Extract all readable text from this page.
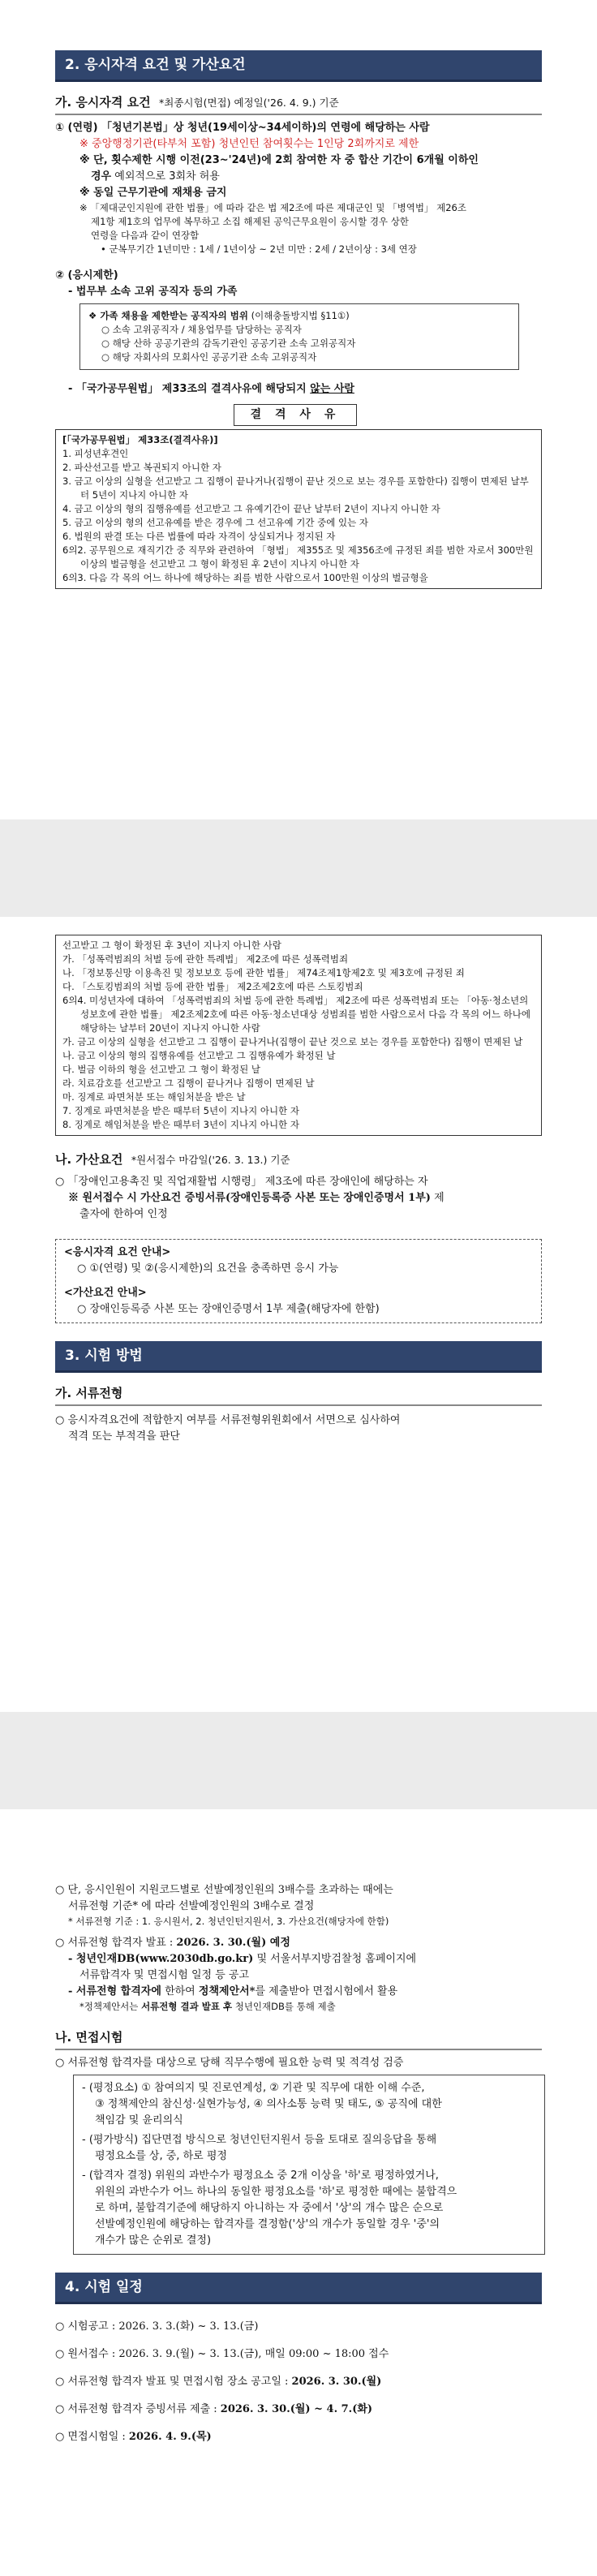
2. 응시자격 요건 및 가산요건
가. 응시자격 요건 *최종시험(면접) 예정일('26. 4. 9.) 기준
① (연령) 「청년기본법」상 청년(19세이상~34세이하)의 연령에 해당하는 사람
※ 중앙행정기관(타부처 포함) 청년인턴 참여횟수는 1인당 2회까지로 제한
※ 단, 횟수제한 시행 이전(23~'24년)에 2회 참여한 자 중 합산 기간이 6개월 이하인
경우 예외적으로 3회차 허용
※ 동일 근무기관에 재채용 금지
※ 「제대군인지원에 관한 법률」에 따라 같은 법 제2조에 따른 제대군인 및 「병역법」 제26조
제1항 제1호의 업무에 복무하고 소집 해제된 공익근무요원이 응시할 경우 상한
연령을 다음과 같이 연장함
• 군복무기간 1년미만 : 1세 / 1년이상 ~ 2년 미만 : 2세 / 2년이상 : 3세 연장
② (응시제한)
- 법무부 소속 고위 공직자 등의 가족
❖ 가족 채용을 제한받는 공직자의 범위 (이해충돌방지법 §11①)
○ 소속 고위공직자 / 채용업무를 담당하는 공직자
○ 해당 산하 공공기관의 감독기관인 공공기관 소속 고위공직자
○ 해당 자회사의 모회사인 공공기관 소속 고위공직자
- 「국가공무원법」 제33조의 결격사유에 해당되지 않는 사람
결 격 사 유
[「국가공무원법」 제33조(결격사유)]
1. 피성년후견인
2. 파산선고를 받고 복권되지 아니한 자
3. 금고 이상의 실형을 선고받고 그 집행이 끝나거나(집행이 끝난 것으로 보는 경우를 포함한다) 집행이 면제된 날부터 5년이 지나지 아니한 자
4. 금고 이상의 형의 집행유예를 선고받고 그 유예기간이 끝난 날부터 2년이 지나지 아니한 자
5. 금고 이상의 형의 선고유예를 받은 경우에 그 선고유예 기간 중에 있는 자
6. 법원의 판결 또는 다른 법률에 따라 자격이 상실되거나 정지된 자
6의2. 공무원으로 재직기간 중 직무와 관련하여 「형법」 제355조 및 제356조에 규정된 죄를 범한 자로서 300만원 이상의 벌금형을 선고받고 그 형이 확정된 후 2년이 지나지 아니한 자
6의3. 다음 각 목의 어느 하나에 해당하는 죄를 범한 사람으로서 100만원 이상의 벌금형을
선고받고 그 형이 확정된 후 3년이 지나지 아니한 사람
가. 「성폭력범죄의 처벌 등에 관한 특례법」 제2조에 따른 성폭력범죄
나. 「정보통신망 이용촉진 및 정보보호 등에 관한 법률」 제74조제1항제2호 및 제3호에 규정된 죄
다. 「스토킹범죄의 처벌 등에 관한 법률」 제2조제2호에 따른 스토킹범죄
6의4. 미성년자에 대하여 「성폭력범죄의 처벌 등에 관한 특례법」 제2조에 따른 성폭력범죄 또는 「아동·청소년의 성보호에 관한 법률」 제2조제2호에 따른 아동·청소년대상 성범죄를 범한 사람으로서 다음 각 목의 어느 하나에 해당하는 날부터 20년이 지나지 아니한 사람
가. 금고 이상의 실형을 선고받고 그 집행이 끝나거나(집행이 끝난 것으로 보는 경우를 포함한다) 집행이 면제된 날
나. 금고 이상의 형의 집행유예를 선고받고 그 집행유예가 확정된 날
다. 벌금 이하의 형을 선고받고 그 형이 확정된 날
라. 치료감호를 선고받고 그 집행이 끝나거나 집행이 면제된 날
마. 징계로 파면처분 또는 해임처분을 받은 날
7. 징계로 파면처분을 받은 때부터 5년이 지나지 아니한 자
8. 징계로 해임처분을 받은 때부터 3년이 지나지 아니한 자
나. 가산요건 *원서접수 마감일('26. 3. 13.) 기준
○ 「장애인고용촉진 및 직업재활법 시행령」 제3조에 따른 장애인에 해당하는 자
※ 원서접수 시 가산요건 증빙서류(장애인등록증 사본 또는 장애인증명서 1부) 제
출자에 한하여 인정
<응시자격 요건 안내>
○ ①(연령) 및 ②(응시제한)의 요건을 충족하면 응시 가능
<가산요건 안내>
○ 장애인등록증 사본 또는 장애인증명서 1부 제출(해당자에 한함)
3. 시험 방법
가. 서류전형
○ 응시자격요건에 적합한지 여부를 서류전형위원회에서 서면으로 심사하여
적격 또는 부적격을 판단
○ 단, 응시인원이 지원코드별로 선발예정인원의 3배수를 초과하는 때에는
서류전형 기준* 에 따라 선발예정인원의 3배수로 결정
* 서류전형 기준 : 1. 응시원서, 2. 청년인턴지원서, 3. 가산요건(해당자에 한함)
○ 서류전형 합격자 발표 : 2026. 3. 30.(월) 예정
- 청년인재DB(www.2030db.go.kr) 및 서울서부지방검찰청 홈페이지에
서류합격자 및 면접시험 일정 등 공고
- 서류전형 합격자에 한하여 정책제안서*를 제출받아 면접시험에서 활용
*정책제안서는 서류전형 결과 발표 후 청년인재DB를 통해 제출
나. 면접시험
○ 서류전형 합격자를 대상으로 당해 직무수행에 필요한 능력 및 적격성 검증
- (평정요소) ① 참여의지 및 진로연계성, ② 기관 및 직무에 대한 이해 수준,
③ 정책제안의 참신성·실현가능성, ④ 의사소통 능력 및 태도, ⑤ 공직에 대한
책임감 및 윤리의식
- (평가방식) 집단면접 방식으로 청년인턴지원서 등을 토대로 질의응답을 통해
평정요소를 상, 중, 하로 평정
- (합격자 결정) 위원의 과반수가 평정요소 중 2개 이상을 '하'로 평정하였거나,
위원의 과반수가 어느 하나의 동일한 평정요소를 '하'로 평정한 때에는 불합격으
로 하며, 불합격기준에 해당하지 아니하는 자 중에서 '상'의 개수 많은 순으로
선발예정인원에 해당하는 합격자를 결정함('상'의 개수가 동일할 경우 '중'의
개수가 많은 순위로 결정)
4. 시험 일정
○ 시험공고 : 2026. 3. 3.(화) ~ 3. 13.(금)
○ 원서접수 : 2026. 3. 9.(월) ~ 3. 13.(금), 매일 09:00 ~ 18:00 접수
○ 서류전형 합격자 발표 및 면접시험 장소 공고일 : 2026. 3. 30.(월)
○ 서류전형 합격자 증빙서류 제출 : 2026. 3. 30.(월) ~ 4. 7.(화)
○ 면접시험일 : 2026. 4. 9.(목)
